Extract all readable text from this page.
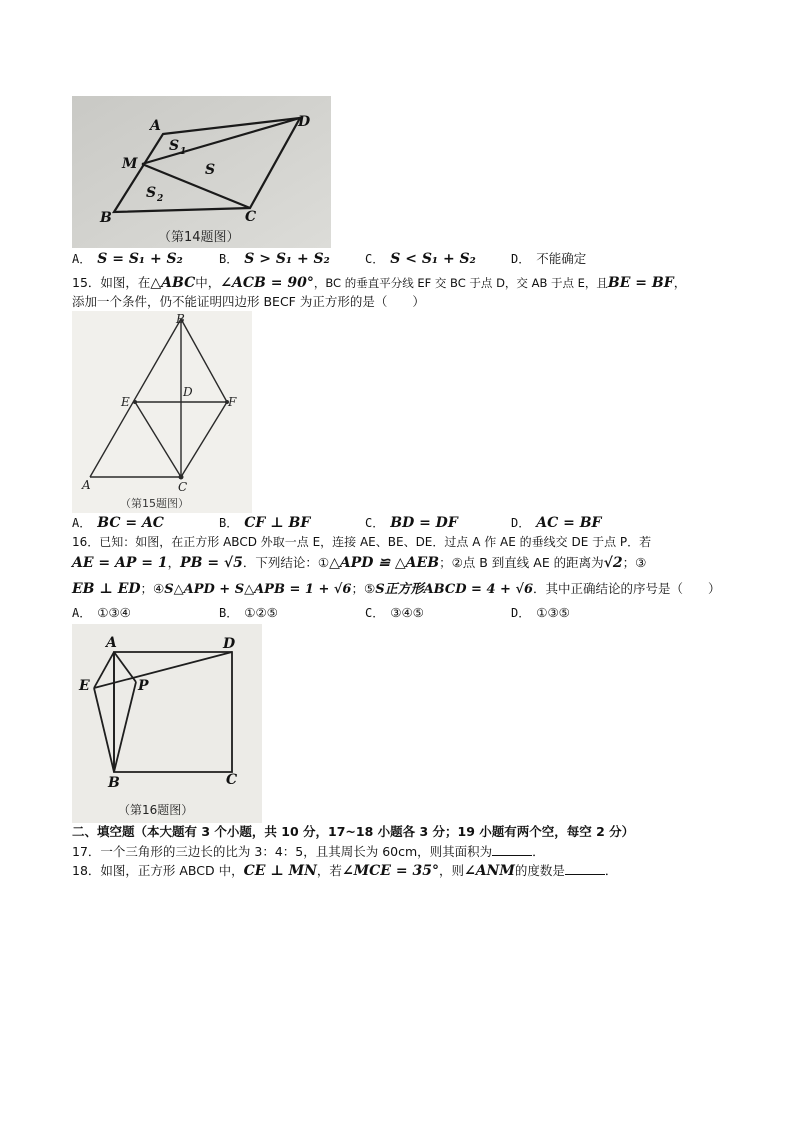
A	D
M
B	C
S 1
S
S 2
（第14题图）
A． S = S₁ + S₂	B． S > S₁ + S₂	C． S < S₁ + S₂	D． 不能确定
15．如图，在△ABC中，∠ACB = 90°，BC 的垂直平分线 EF 交 BC 于点 D，交 AB 于点 E，且BE = BF，
添加一个条件，仍不能证明四边形 BECF 为正方形的是（　　）
B
E
D
F
A	C
（第15题图）
A． BC = AC	B． CF ⊥ BF	C． BD = DF	D． AC = BF
16．已知：如图，在正方形 ABCD 外取一点 E，连接 AE、BE、DE．过点 A 作 AE 的垂线交 DE 于点 P．若
AE = AP = 1，PB = √5．下列结论：①△APD ≌ △AEB；②点 B 到直线 AE 的距离为√2；③
EB ⊥ ED；④S△APD + S△APB = 1 + √6；⑤S正方形ABCD = 4 + √6．其中正确结论的序号是（　　）
A． ①③④	B． ①②⑤	C． ③④⑤	D． ①③⑤
A	D
E	P
B	C
（第16题图）
二、填空题（本大题有 3 个小题，共 10 分，17~18 小题各 3 分；19 小题有两个空，每空 2 分）
17．一个三角形的三边长的比为 3：4：5，且其周长为 60cm，则其面积为	．
18．如图，正方形 ABCD 中，CE ⊥ MN，若∠MCE = 35°，则∠ANM的度数是	．
